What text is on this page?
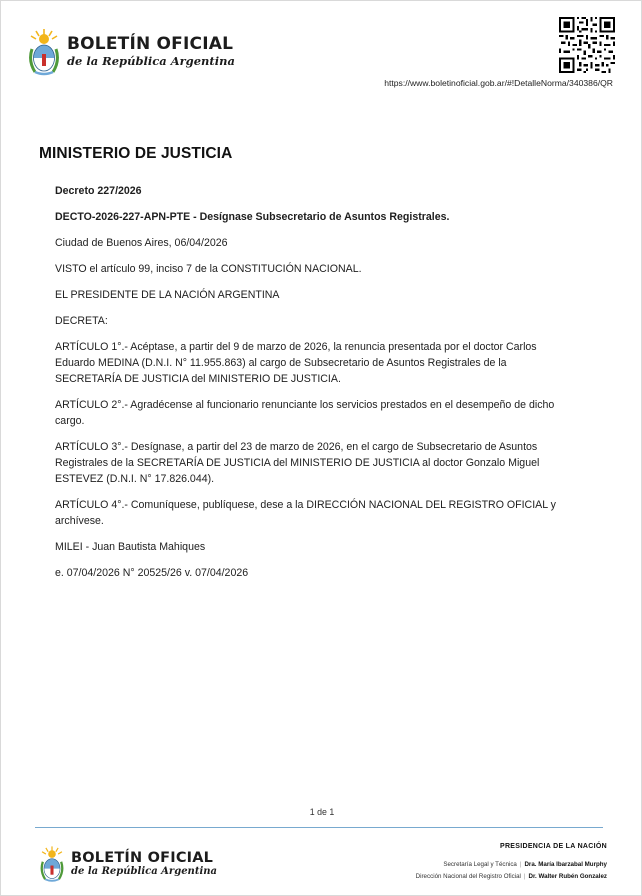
BOLETÍN OFICIAL
de la República Argentina
https://www.boletinoficial.gob.ar/#!DetalleNorma/340386/QR
MINISTERIO DE JUSTICIA

Decreto 227/2026

DECTO-2026-227-APN-PTE - Desígnase Subsecretario de Asuntos Registrales.

Ciudad de Buenos Aires, 06/04/2026

VISTO el artículo 99, inciso 7 de la CONSTITUCIÓN NACIONAL.

EL PRESIDENTE DE LA NACIÓN ARGENTINA

DECRETA:

ARTÍCULO 1°.- Acéptase, a partir del 9 de marzo de 2026, la renuncia presentada por el doctor Carlos Eduardo MEDINA (D.N.I. N° 11.955.863) al cargo de Subsecretario de Asuntos Registrales de la SECRETARÍA DE JUSTICIA del MINISTERIO DE JUSTICIA.

ARTÍCULO 2°.- Agradécense al funcionario renunciante los servicios prestados en el desempeño de dicho cargo.

ARTÍCULO 3°.- Desígnase, a partir del 23 de marzo de 2026, en el cargo de Subsecretario de Asuntos Registrales de la SECRETARÍA DE JUSTICIA del MINISTERIO DE JUSTICIA al doctor Gonzalo Miguel ESTEVEZ (D.N.I. N° 17.826.044).

ARTÍCULO 4°.- Comuníquese, publíquese, dese a la DIRECCIÓN NACIONAL DEL REGISTRO OFICIAL y archívese.

MILEI - Juan Bautista Mahiques

e. 07/04/2026 N° 20525/26 v. 07/04/2026

1 de 1
BOLETÍN OFICIAL
de la República Argentina
PRESIDENCIA DE LA NACIÓN
Secretaría Legal y Técnica | Dra. María Ibarzabal Murphy
Dirección Nacional del Registro Oficial | Dr. Walter Rubén Gonzalez
